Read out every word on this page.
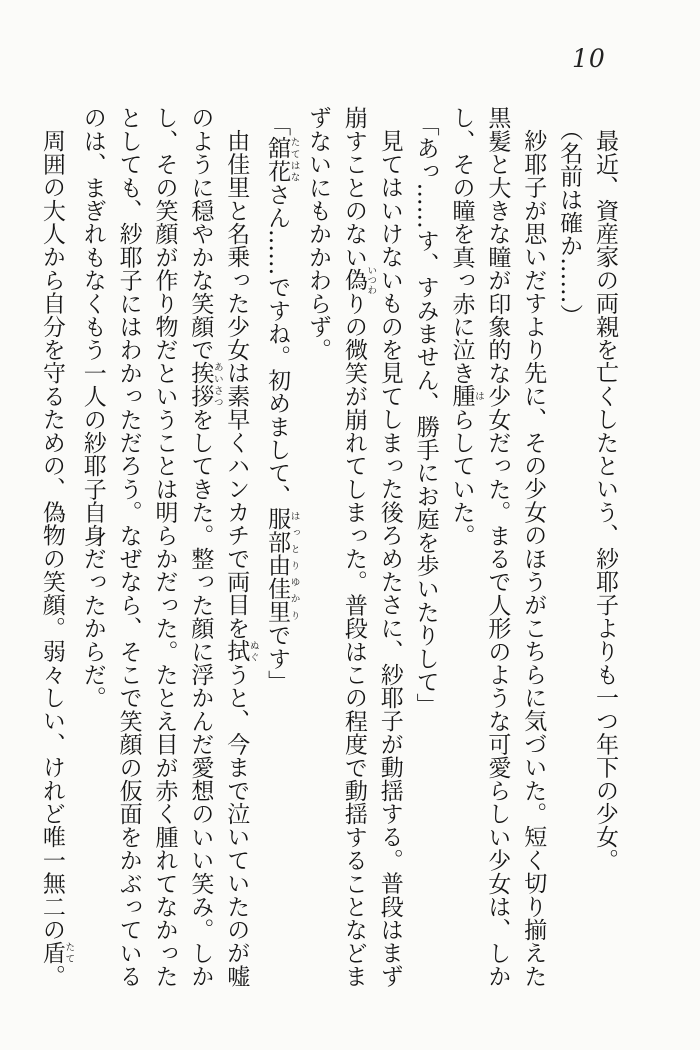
10

最近、資産家の両親を亡くしたという、紗耶子よりも一つ年下の少女。

（名前は確か……）

紗耶子が思いだすより先に、その少女のほうがこちらに気づいた。短く切り揃えた黒髪と大きな瞳が印象的な少女だった。まるで人形のような可愛らしい少女は、しかし、その瞳を真っ赤に泣き腫はらしていた。

「あっ……す、すみません、勝手にお庭を歩いたりして」

見てはいけないものを見てしまった後ろめたさに、紗耶子が動揺する。普段はまず崩すことのない偽いつわりの微笑が崩れてしまった。普段はこの程度で動揺することなどまずないにもかかわらず。

「舘花たてはなさん……ですね。初めまして、服部由佳里はっとりゆかりです」

由佳里と名乗った少女は素早くハンカチで両目を拭ぬぐうと、今まで泣いていたのが嘘のように穏やかな笑顔で挨拶あいさつをしてきた。整った顔に浮かんだ愛想のいい笑み。しかし、その笑顔が作り物だということは明らかだった。たとえ目が赤く腫れてなかったとしても、紗耶子にはわかっただろう。なぜなら、そこで笑顔の仮面をかぶっているのは、まぎれもなくもう一人の紗耶子自身だったからだ。

周囲の大人から自分を守るための、偽物の笑顔。弱々しい、けれど唯一無二の盾たて。
